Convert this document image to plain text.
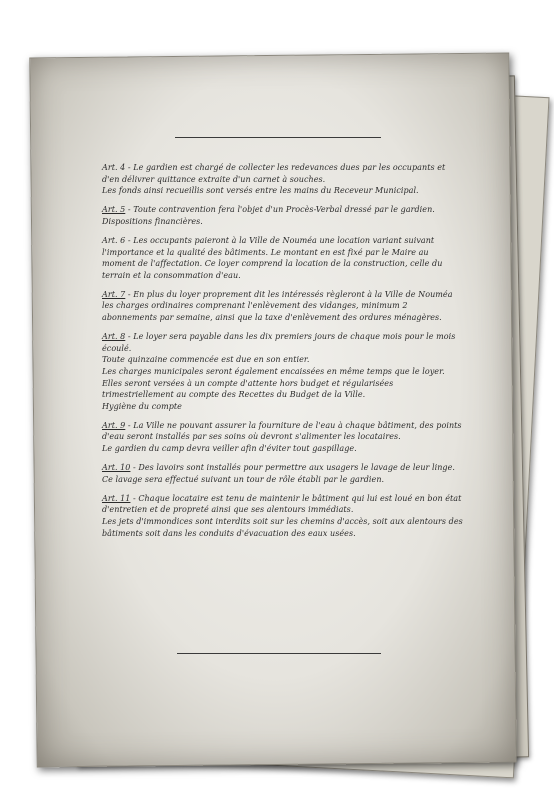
Art. 4 - Le gardien est chargé de collecter les redevances dues par les occupants et d'en délivrer quittance extraite d'un carnet à souches.
Les fonds ainsi recueillis sont versés entre les mains du Receveur Municipal.

Art. 5 - Toute contravention fera l'objet d'un Procès-Verbal dressé par le gardien.
Dispositions financières.

Art. 6 - Les occupants paieront à la Ville de Nouméa une location variant suivant l'importance et la qualité des bâtiments. Le montant en est fixé par le Maire au moment de l'affectation. Ce loyer comprend la location de la construction, celle du terrain et la consommation d'eau.

Art. 7 - En plus du loyer proprement dit les intéressés règleront à la Ville de Nouméa les charges ordinaires comprenant l'enlèvement des vidanges, minimum 2 abonnements par semaine, ainsi que la taxe d'enlèvement des ordures ménagères.

Art. 8 - Le loyer sera payable dans les dix premiers jours de chaque mois pour le mois écoulé.
Toute quinzaine commencée est due en son entier.
Les charges municipales seront également encaissées en même temps que le loyer. Elles seront versées à un compte d'attente hors budget et régularisées trimestriellement au compte des Recettes du Budget de la Ville.
Hygiène du compte

Art. 9 - La Ville ne pouvant assurer la fourniture de l'eau à chaque bâtiment, des points d'eau seront installés par ses soins où devront s'alimenter les locataires.
Le gardien du camp devra veiller afin d'éviter tout gaspillage.

Art. 10 - Des lavoirs sont installés pour permettre aux usagers le lavage de leur linge. Ce lavage sera effectué suivant un tour de rôle établi par le gardien.

Art. 11 - Chaque locataire est tenu de maintenir le bâtiment qui lui est loué en bon état d'entretien et de propreté ainsi que ses alentours immédiats.
Les jets d'immondices sont interdits soit sur les chemins d'accès, soit aux alentours des bâtiments soit dans les conduits d'évacuation des eaux usées.
